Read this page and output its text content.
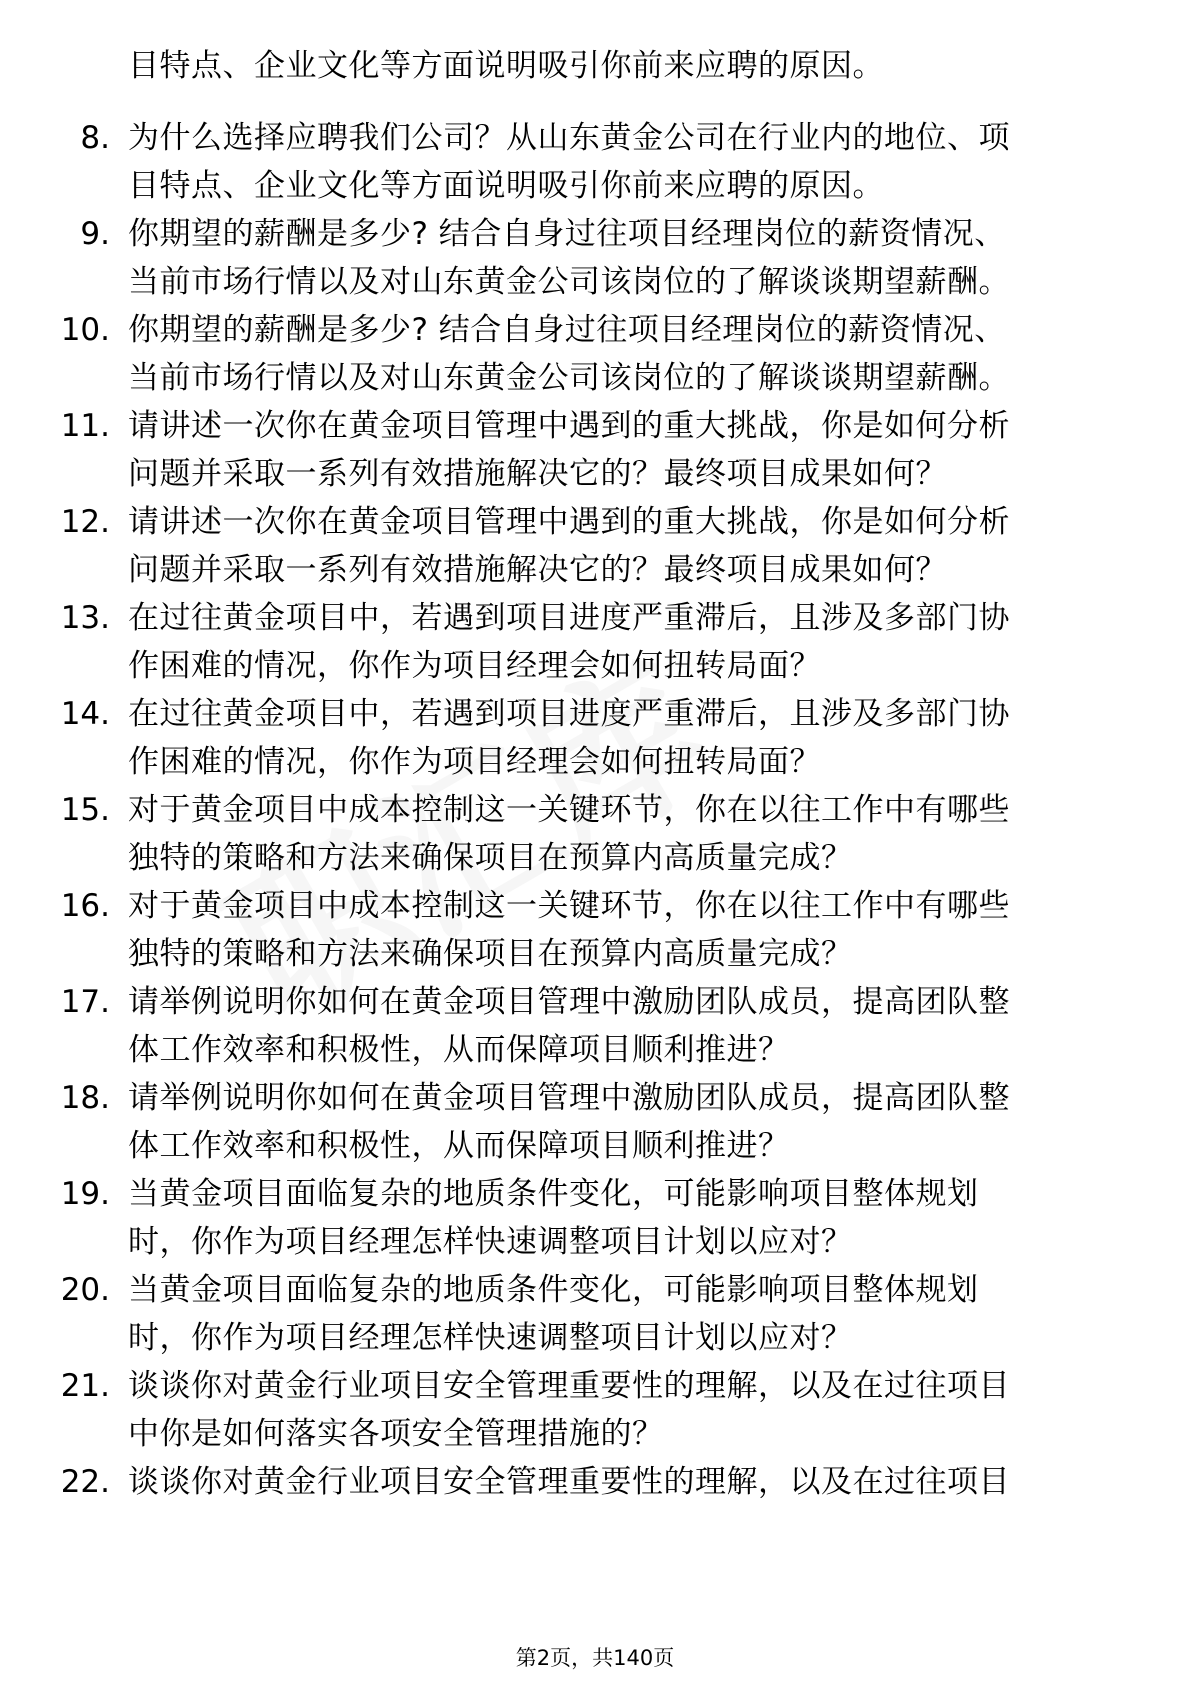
目特点、企业文化等方面说明吸引你前来应聘的原因。
8. 为什么选择应聘我们公司？从山东黄金公司在行业内的地位、项
目特点、企业文化等方面说明吸引你前来应聘的原因。
9. 你期望的薪酬是多少? 结合自身过往项目经理岗位的薪资情况、
当前市场行情以及对山东黄金公司该岗位的了解谈谈期望薪酬。
10. 你期望的薪酬是多少? 结合自身过往项目经理岗位的薪资情况、
当前市场行情以及对山东黄金公司该岗位的了解谈谈期望薪酬。
11. 请讲述一次你在黄金项目管理中遇到的重大挑战，你是如何分析
问题并采取一系列有效措施解决它的？最终项目成果如何？
12. 请讲述一次你在黄金项目管理中遇到的重大挑战，你是如何分析
问题并采取一系列有效措施解决它的？最终项目成果如何？
13. 在过往黄金项目中，若遇到项目进度严重滞后，且涉及多部门协
作困难的情况，你作为项目经理会如何扭转局面？
14. 在过往黄金项目中，若遇到项目进度严重滞后，且涉及多部门协
作困难的情况，你作为项目经理会如何扭转局面？
15. 对于黄金项目中成本控制这一关键环节，你在以往工作中有哪些
独特的策略和方法来确保项目在预算内高质量完成？
16. 对于黄金项目中成本控制这一关键环节，你在以往工作中有哪些
独特的策略和方法来确保项目在预算内高质量完成？
17. 请举例说明你如何在黄金项目管理中激励团队成员，提高团队整
体工作效率和积极性，从而保障项目顺利推进？
18. 请举例说明你如何在黄金项目管理中激励团队成员，提高团队整
体工作效率和积极性，从而保障项目顺利推进？
19. 当黄金项目面临复杂的地质条件变化，可能影响项目整体规划
时，你作为项目经理怎样快速调整项目计划以应对？
20. 当黄金项目面临复杂的地质条件变化，可能影响项目整体规划
时，你作为项目经理怎样快速调整项目计划以应对？
21. 谈谈你对黄金行业项目安全管理重要性的理解，以及在过往项目
中你是如何落实各项安全管理措施的？
22. 谈谈你对黄金行业项目安全管理重要性的理解，以及在过往项目
第2页，共140页
